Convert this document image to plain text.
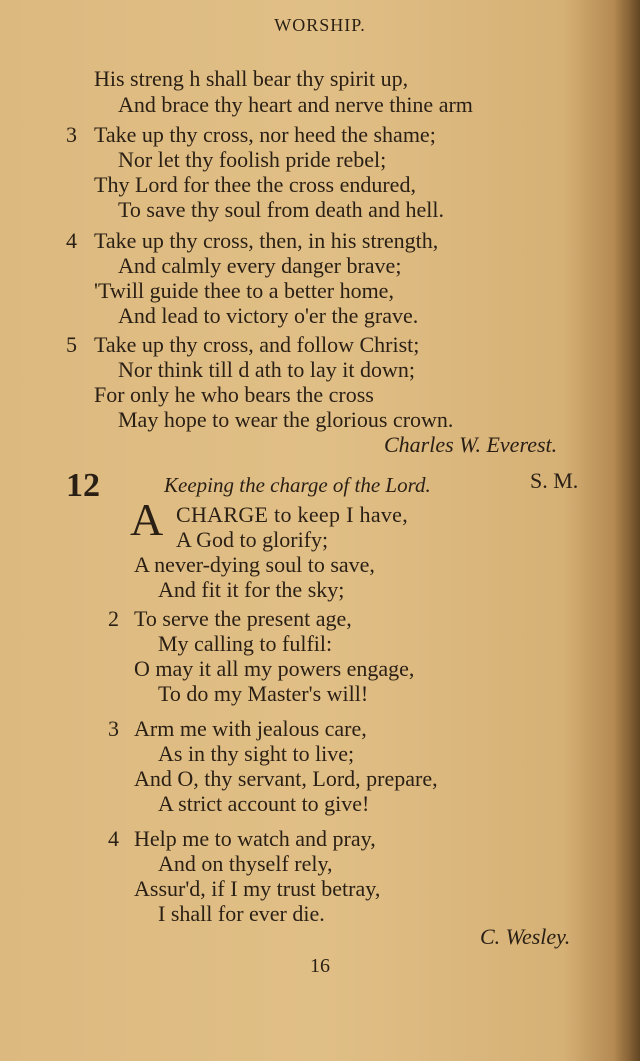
WORSHIP.
His streng h shall bear thy spirit up,
And brace thy heart and nerve thine arm
3 Take up thy cross, nor heed the shame;
Nor let thy foolish pride rebel;
Thy Lord for thee the cross endured,
To save thy soul from death and hell.
4 Take up thy cross, then, in his strength,
And calmly every danger brave;
'Twill guide thee to a better home,
And lead to victory o'er the grave.
5 Take up thy cross, and follow Christ;
Nor think till d ath to lay it down;
For only he who bears the cross
May hope to wear the glorious crown.
Charles W. Everest.
12	Keeping the charge of the Lord.	S. M.
A CHARGE to keep I have,
A God to glorify;
A never-dying soul to save,
And fit it for the sky;
2 To serve the present age,
My calling to fulfil:
O may it all my powers engage,
To do my Master's will!
3 Arm me with jealous care,
As in thy sight to live;
And O, thy servant, Lord, prepare,
A strict account to give!
4 Help me to watch and pray,
And on thyself rely,
Assur'd, if I my trust betray,
I shall for ever die.
C. Wesley.
16
